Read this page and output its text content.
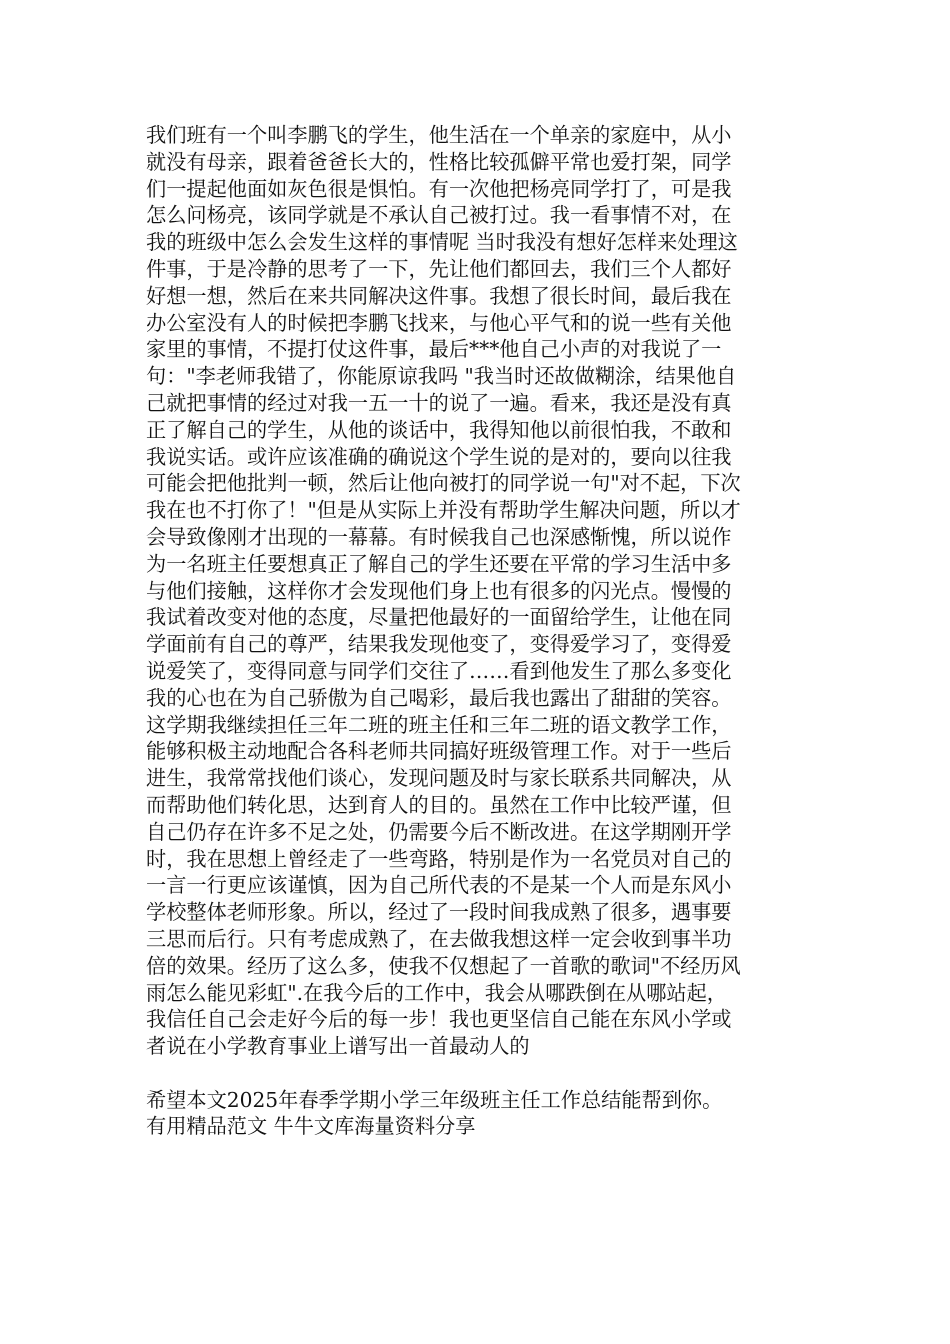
我们班有一个叫李鹏飞的学生，他生活在一个单亲的家庭中，从小
就没有母亲，跟着爸爸长大的，性格比较孤僻平常也爱打架，同学
们一提起他面如灰色很是惧怕。有一次他把杨亮同学打了，可是我
怎么问杨亮，该同学就是不承认自己被打过。我一看事情不对，在
我的班级中怎么会发生这样的事情呢 当时我没有想好怎样来处理这
件事，于是冷静的思考了一下，先让他们都回去，我们三个人都好
好想一想，然后在来共同解决这件事。我想了很长时间，最后我在
办公室没有人的时候把李鹏飞找来，与他心平气和的说一些有关他
家里的事情，不提打仗这件事，最后***他自己小声的对我说了一
句："李老师我错了，你能原谅我吗 "我当时还故做糊涂，结果他自
己就把事情的经过对我一五一十的说了一遍。看来，我还是没有真
正了解自己的学生，从他的谈话中，我得知他以前很怕我，不敢和
我说实话。或许应该准确的确说这个学生说的是对的，要向以往我
可能会把他批判一顿，然后让他向被打的同学说一句"对不起，下次
我在也不打你了！"但是从实际上并没有帮助学生解决问题，所以才
会导致像刚才出现的一幕幕。有时候我自己也深感惭愧，所以说作
为一名班主任要想真正了解自己的学生还要在平常的学习生活中多
与他们接触，这样你才会发现他们身上也有很多的闪光点。慢慢的
我试着改变对他的态度，尽量把他最好的一面留给学生，让他在同
学面前有自己的尊严，结果我发现他变了，变得爱学习了，变得爱
说爱笑了，变得同意与同学们交往了……看到他发生了那么多变化
我的心也在为自己骄傲为自己喝彩，最后我也露出了甜甜的笑容。
这学期我继续担任三年二班的班主任和三年二班的语文教学工作，
能够积极主动地配合各科老师共同搞好班级管理工作。对于一些后
进生，我常常找他们谈心，发现问题及时与家长联系共同解决，从
而帮助他们转化思，达到育人的目的。虽然在工作中比较严谨，但
自己仍存在许多不足之处，仍需要今后不断改进。在这学期刚开学
时，我在思想上曾经走了一些弯路，特别是作为一名党员对自己的
一言一行更应该谨慎，因为自己所代表的不是某一个人而是东风小
学校整体老师形象。所以，经过了一段时间我成熟了很多，遇事要
三思而后行。只有考虑成熟了，在去做我想这样一定会收到事半功
倍的效果。经历了这么多，使我不仅想起了一首歌的歌词"不经历风
雨怎么能见彩虹".在我今后的工作中，我会从哪跌倒在从哪站起，
我信任自己会走好今后的每一步！我也更坚信自己能在东风小学或
者说在小学教育事业上谱写出一首最动人的
希望本文2025年春季学期小学三年级班主任工作总结能帮到你。
有用精品范文 牛牛文库海量资料分享
